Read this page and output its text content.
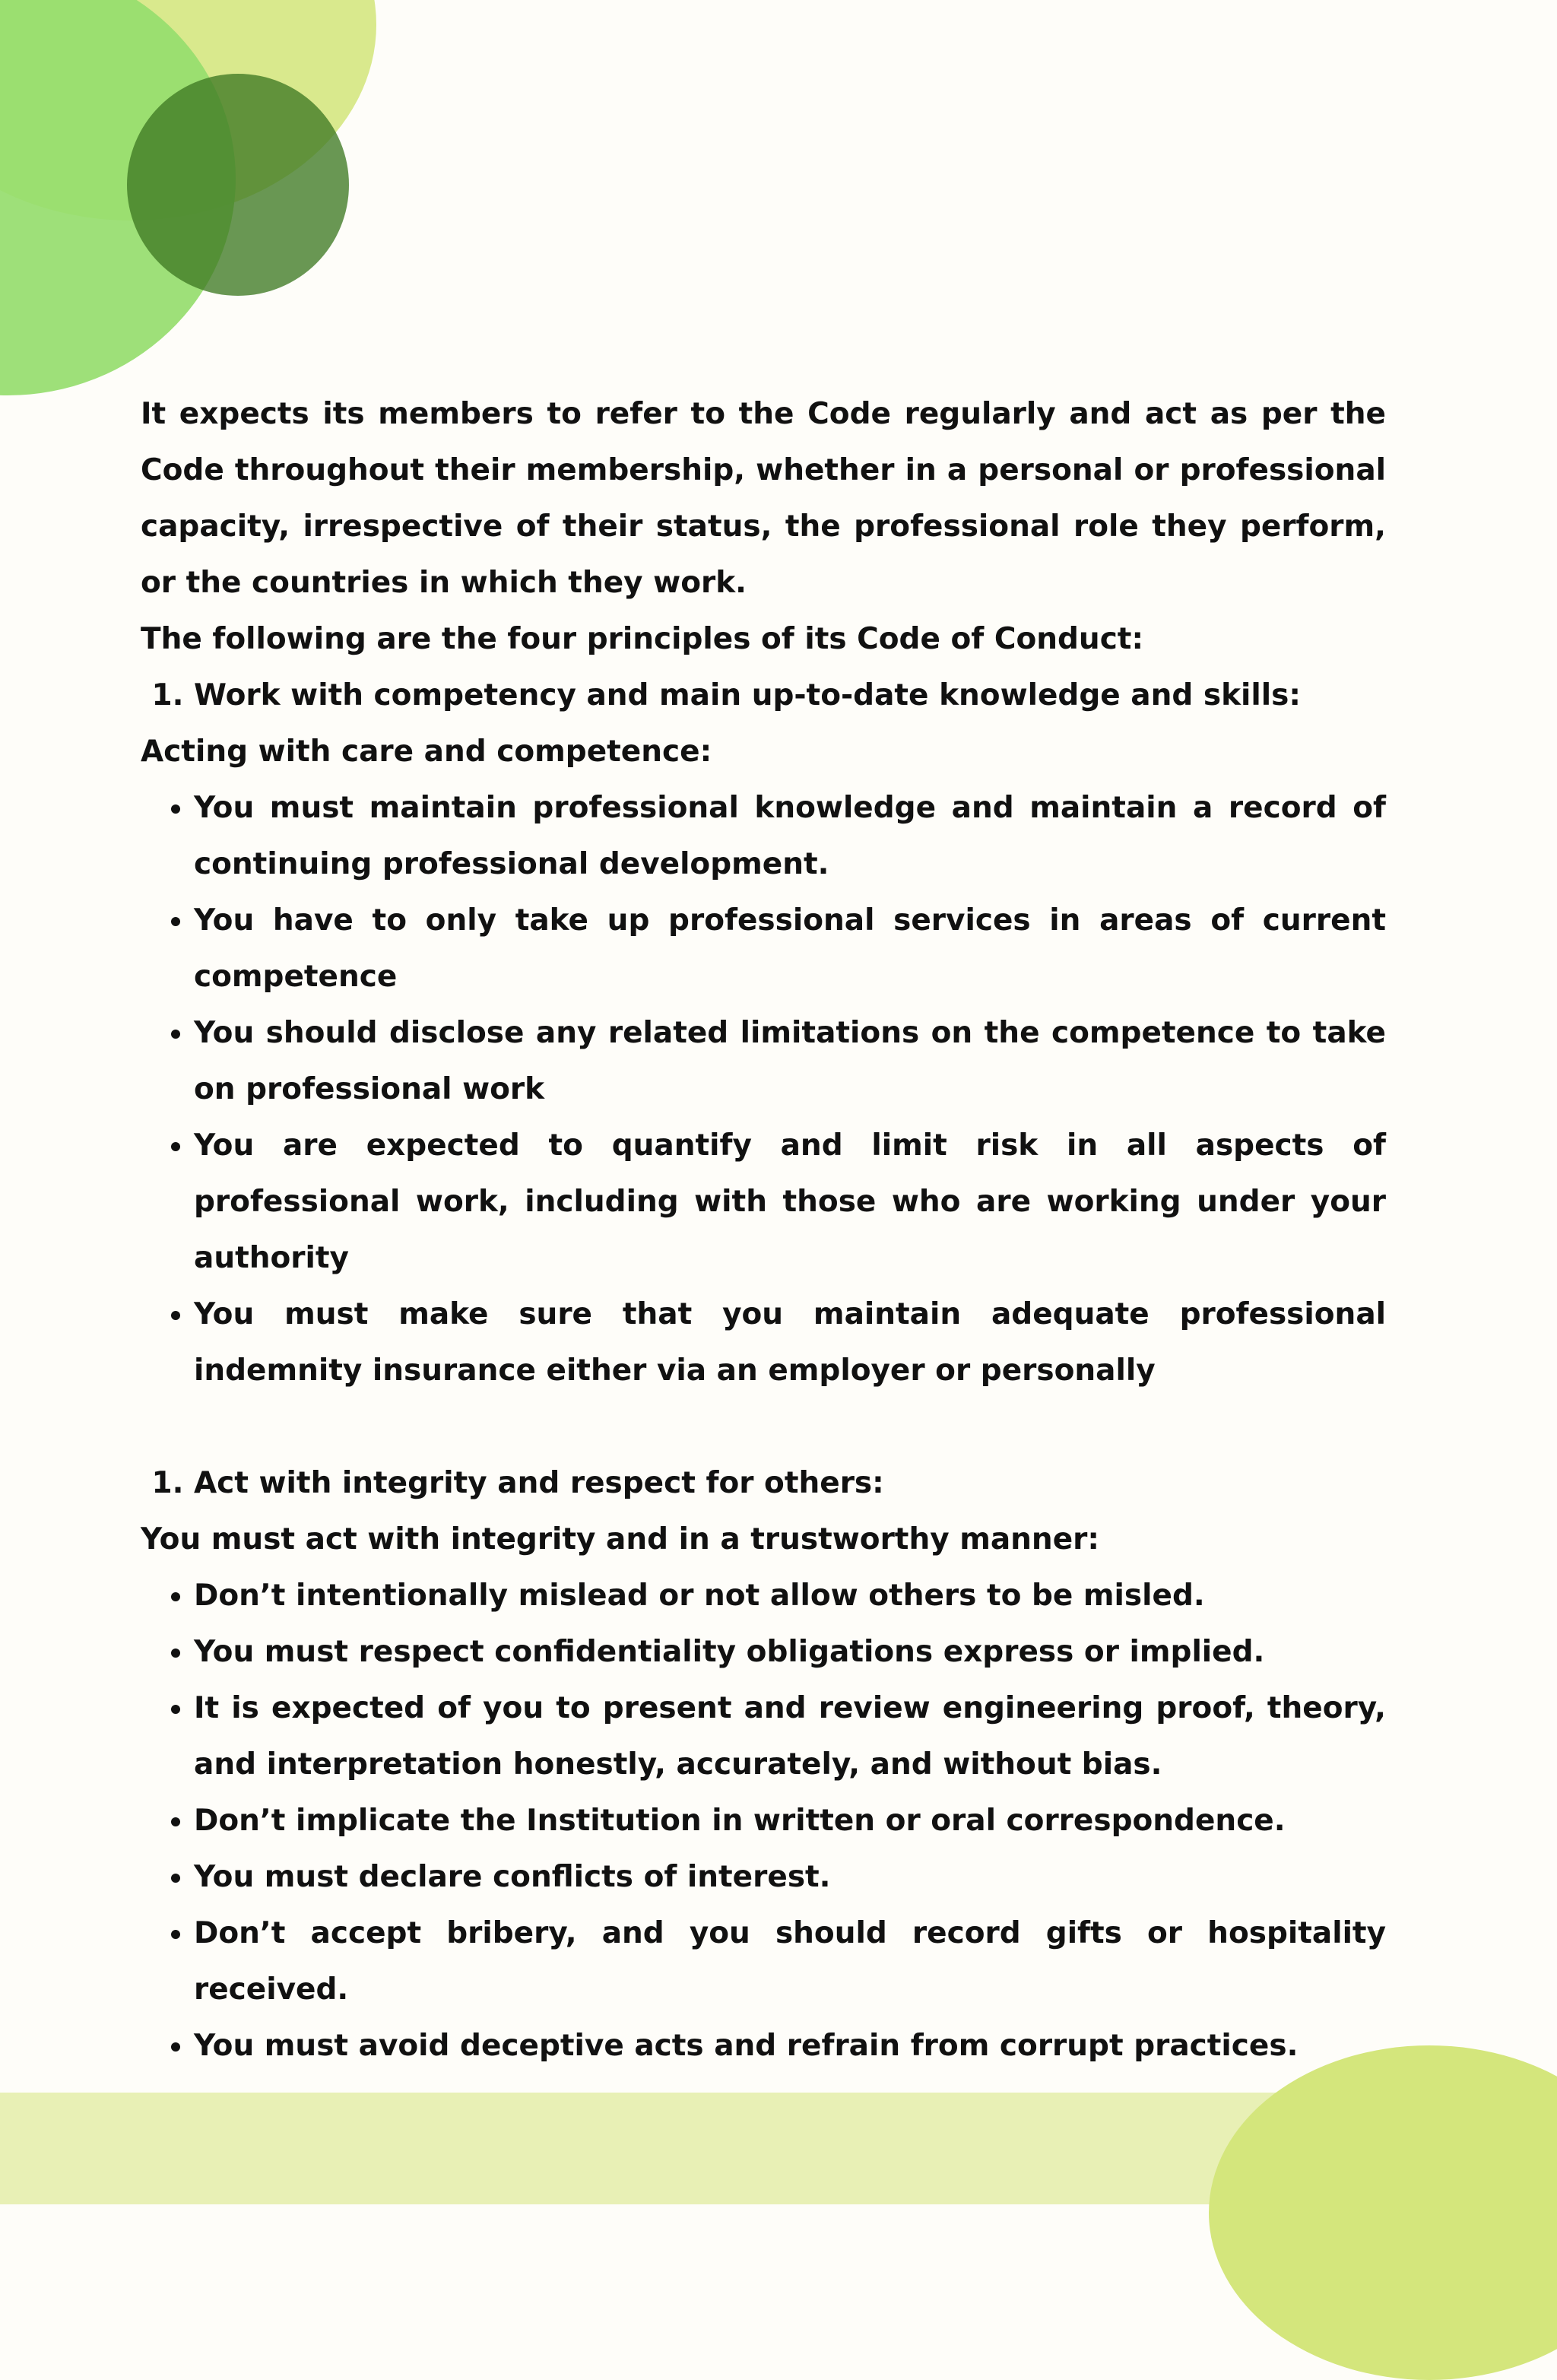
It expects its members to refer to the Code regularly and act as per the Code throughout their membership, whether in a personal or professional capacity, irrespective of their status, the professional role they perform, or the countries in which they work.

The following are the four principles of its Code of Conduct:

1. Work with competency and main up-to-date knowledge and skills:

Acting with care and competence:

• You must maintain professional knowledge and maintain a record of continuing professional development.
• You have to only take up professional services in areas of current competence
• You should disclose any related limitations on the competence to take on professional work
• You are expected to quantify and limit risk in all aspects of professional work, including with those who are working under your authority
• You must make sure that you maintain adequate professional indemnity insurance either via an employer or personally
1. Act with integrity and respect for others:

You must act with integrity and in a trustworthy manner:

• Don’t intentionally mislead or not allow others to be misled.
• You must respect confidentiality obligations express or implied.
• It is expected of you to present and review engineering proof, theory, and interpretation honestly, accurately, and without bias.
• Don’t implicate the Institution in written or oral correspondence.
• You must declare conflicts of interest.
• Don’t accept bribery, and you should record gifts or hospitality received.
• You must avoid deceptive acts and refrain from corrupt practices.
